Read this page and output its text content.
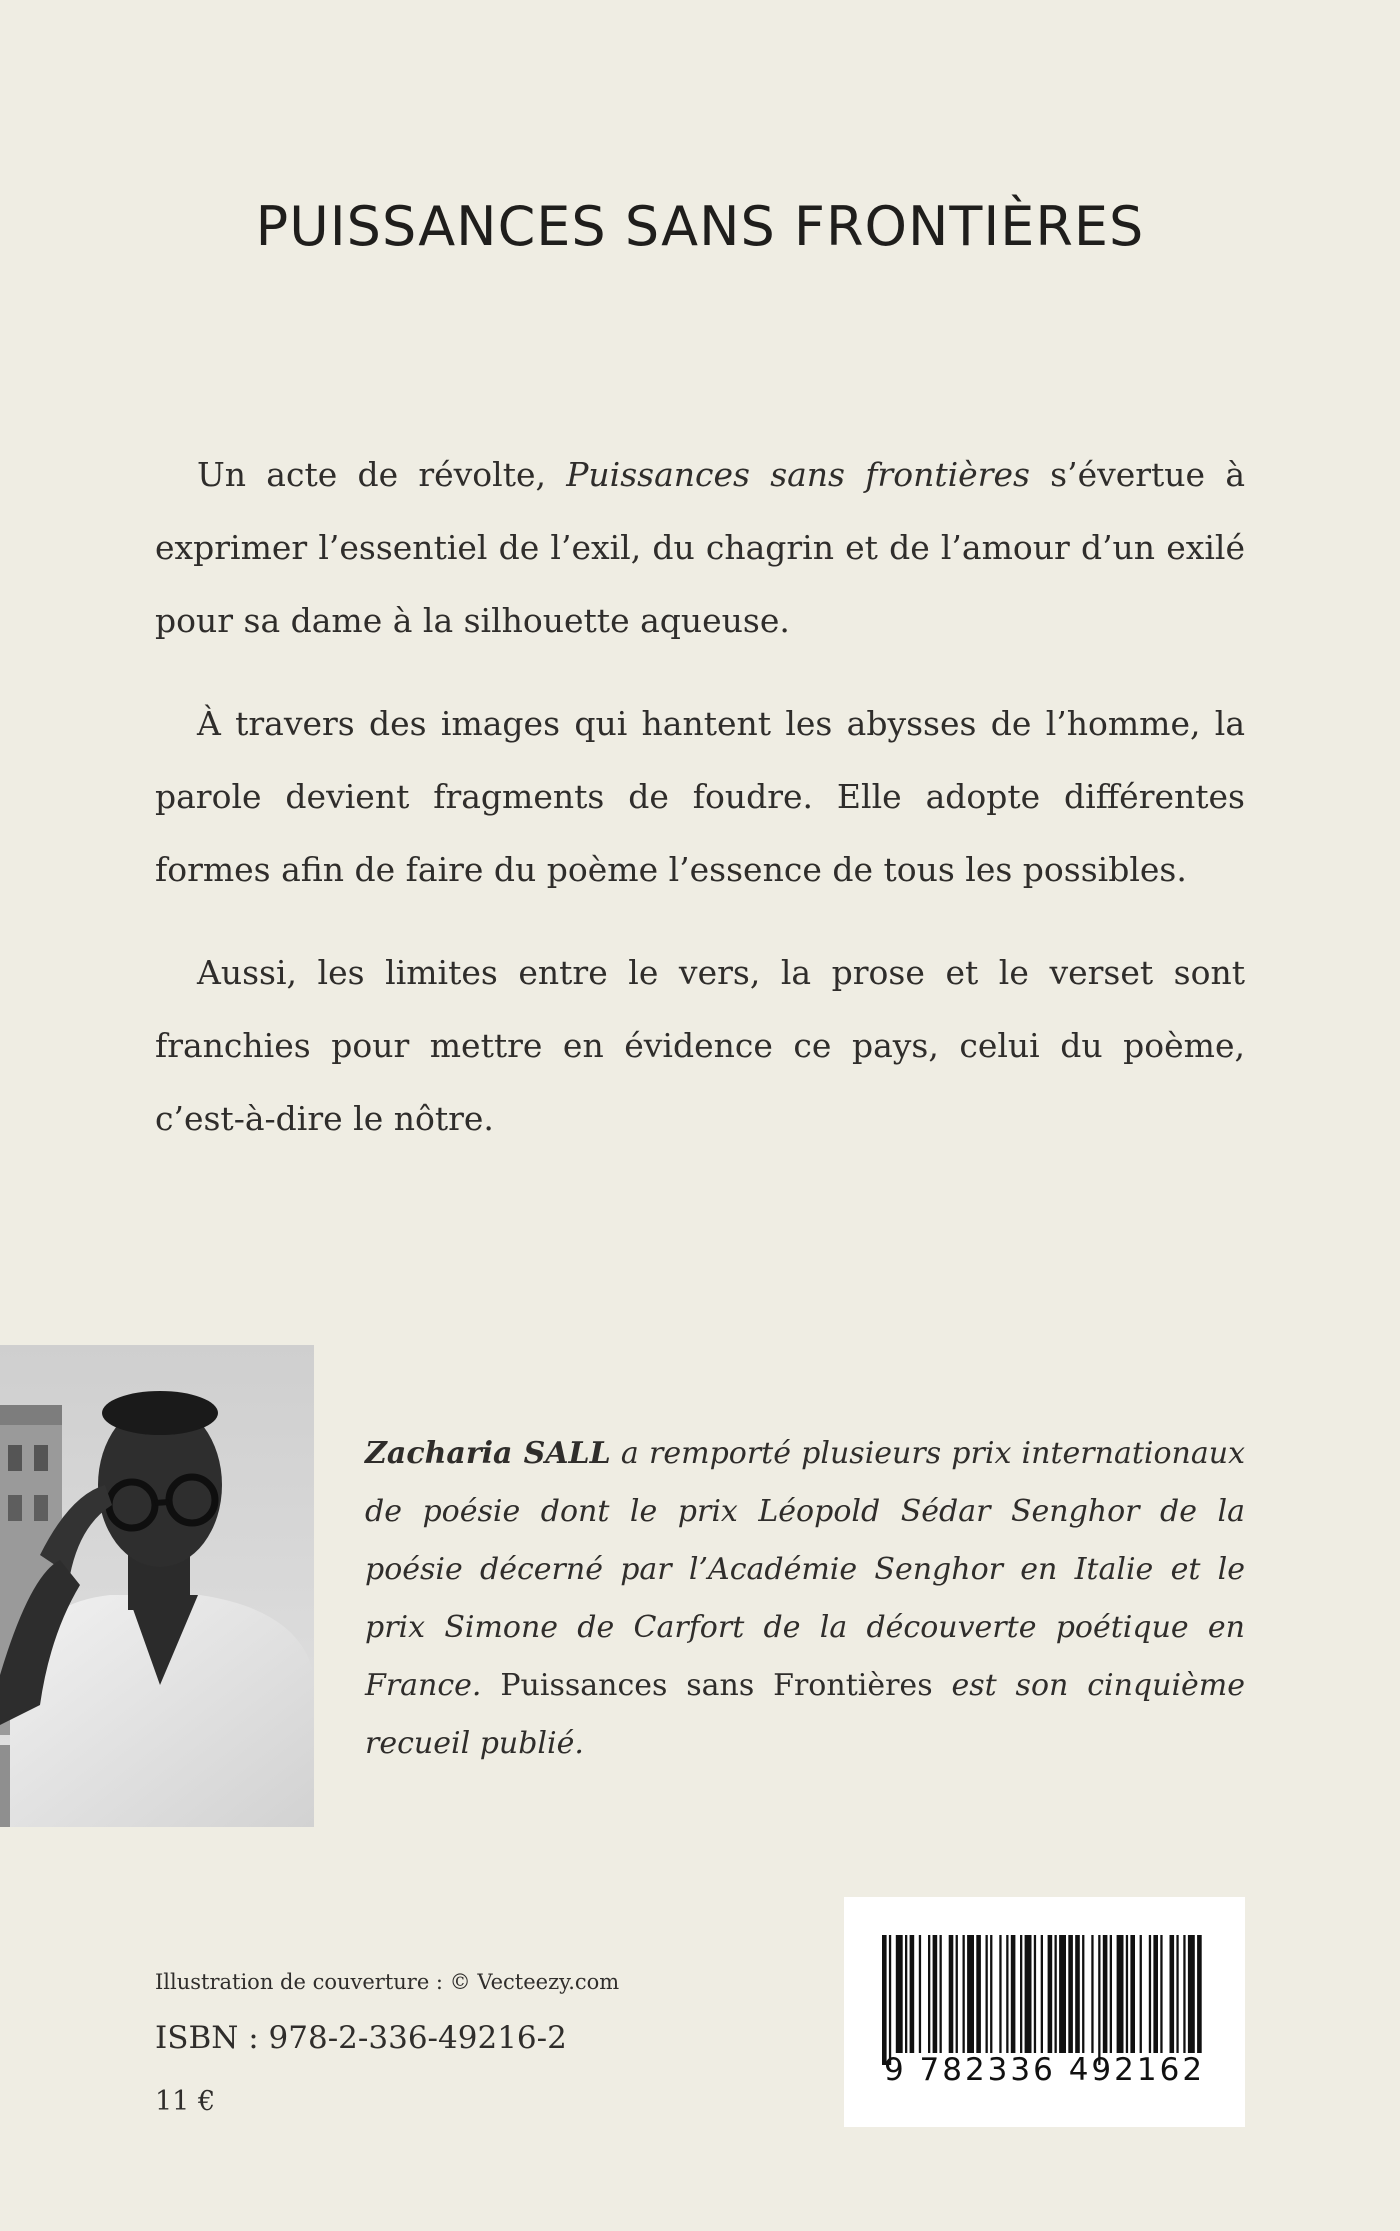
PUISSANCES SANS FRONTIÈRES

Un acte de révolte, Puissances sans frontières s’évertue à exprimer l’essentiel de l’exil, du chagrin et de l’amour d’un exilé pour sa dame à la silhouette aqueuse.

À travers des images qui hantent les abysses de l’homme, la parole devient fragments de foudre. Elle adopte différentes formes afin de faire du poème l’essence de tous les possibles.

Aussi, les limites entre le vers, la prose et le verset sont franchies pour mettre en évidence ce pays, celui du poème, c’est-à-dire le nôtre.

Zacharia SALL a remporté plusieurs prix internationaux de poésie dont le prix Léopold Sédar Senghor de la poésie décerné par l’Académie Senghor en Italie et le prix Simone de Carfort de la découverte poétique en France. Puissances sans Frontières est son cinquième recueil publié.

Illustration de couverture : © Vecteezy.com

ISBN : 978-2-336-49216-2

11 €

9 782336 492162
